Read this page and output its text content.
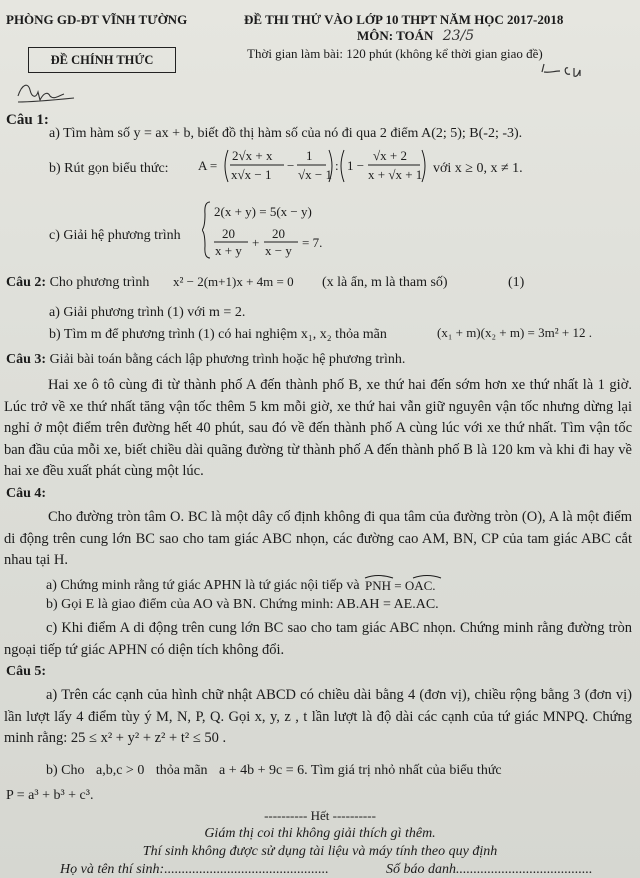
PHÒNG GD-ĐT VĨNH TƯỜNG	ĐỀ THI THỬ VÀO LỚP 10 THPT NĂM HỌC 2017-2018
MÔN: TOÁN 23/5
ĐỀ CHÍNH THỨC	Thời gian làm bài: 120 phút (không kể thời gian giao đề)
Câu 1:
a) Tìm hàm số y = ax + b, biết đồ thị hàm số của nó đi qua 2 điểm A(2; 5); B(-2; -3).
b) Rút gọn biểu thức: A =
2√x + x
x√x − 1
−
1
√x − 1
: 1 −
√x + 2
x + √x + 1 với x ≥ 0, x ≠ 1.
c) Giải hệ phương trình
2(x + y) = 5(x − y)
20
x + y
+
20
x − y
= 7.
Câu 2: Cho phương trình x² − 2(m+1)x + 4m = 0 (x là ẩn, m là tham số)	(1)
a) Giải phương trình (1) với m = 2.
b) Tìm m để phương trình (1) có hai nghiệm x₁, x₂ thỏa mãn	(x₁ + m)(x₂ + m) = 3m² + 12 .
Câu 3: Giải bài toán bằng cách lập phương trình hoặc hệ phương trình.
Hai xe ô tô cùng đi từ thành phố A đến thành phố B, xe thứ hai đến sớm hơn xe thứ nhất là 1 giờ. Lúc trở về xe thứ nhất tăng vận tốc thêm 5 km mỗi giờ, xe thứ hai vẫn giữ nguyên vận tốc nhưng dừng lại nghỉ ở một điểm trên đường hết 40 phút, sau đó về đến thành phố A cùng lúc với xe thứ nhất. Tìm vận tốc ban đầu của mỗi xe, biết chiều dài quãng đường từ thành phố A đến thành phố B là 120 km và khi đi hay về hai xe đều xuất phát cùng một lúc.
Câu 4:
Cho đường tròn tâm O. BC là một dây cố định không đi qua tâm của đường tròn (O), A là một điểm di động trên cung lớn BC sao cho tam giác ABC nhọn, các đường cao AM, BN, CP của tam giác ABC cắt nhau tại H.
a) Chứng minh rằng tứ giác APHN là tứ giác nội tiếp và PNH = OAC.
b) Gọi E là giao điểm của AO và BN. Chứng minh: AB.AH = AE.AC.
c) Khi điểm A di động trên cung lớn BC sao cho tam giác ABC nhọn. Chứng minh rằng đường tròn ngoại tiếp tứ giác APHN có diện tích không đổi.
Câu 5:
a) Trên các cạnh của hình chữ nhật ABCD có chiều dài bằng 4 (đơn vị), chiều rộng bằng 3 (đơn vị) lần lượt lấy 4 điểm tùy ý M, N, P, Q. Gọi x, y, z , t lần lượt là độ dài các cạnh của tứ giác MNPQ. Chứng minh rằng: 25 ≤ x² + y² + z² + t² ≤ 50 .
b) Cho a,b,c > 0 thỏa mãn a + 4b + 9c = 6. Tìm giá trị nhỏ nhất của biểu thức
P = a³ + b³ + c³.
---------- Hết ----------
Giám thị coi thi không giải thích gì thêm.
Thí sinh không được sử dụng tài liệu và máy tính theo quy định
Họ và tên thí sinh:...............................................	Số báo danh.......................................
